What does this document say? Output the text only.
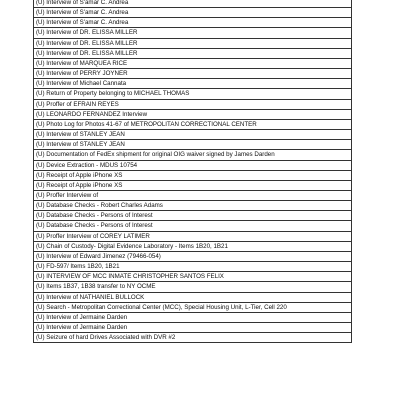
(U) Interview of S'amar C. Andrea
(U) Interview of S'amar C. Andrea
(U) Interview of S'amar C. Andrea
(U) Interview of DR. ELISSA MILLER
(U) Interview of DR. ELISSA MILLER
(U) Interview of DR. ELISSA MILLER
(U) Interview of MARQUEA RICE
(U) Interview of PERRY JOYNER
(U) Interview of Michael Cannata
(U) Return of Property belonging to MICHAEL THOMAS
(U) Proffer of EFRAIN REYES
(U) LEONARDO FERNANDEZ Interview
(U) Photo Log for Photos 41-67 of METROPOLITAN CORRECTIONAL CENTER
(U) Interview of STANLEY JEAN
(U) Interview of STANLEY JEAN
(U) Documentation of FedEx shipment for original OIG waiver signed by James Darden
(U) Device Extraction - MDUS 10754
(U) Receipt of Apple iPhone XS
(U) Receipt of Apple iPhone XS
(U) Proffer Interview of
(U) Database Checks - Robert Charles Adams
(U) Database Checks - Persons of Interest
(U) Database Checks - Persons of Interest
(U) Proffer Interview of COREY LATIMER
(U) Chain of Custody- Digital Evidence Laboratory - Items 1B20, 1B21
(U) Interview of Edward Jimenez (79466-054)
(U) FD-597/ Items 1B20, 1B21
(U) INTERVIEW OF MCC INMATE CHRISTOPHER SANTOS FELIX
(U) Items 1B37, 1B38 transfer to NY OCME
(U) Interview of NATHANIEL BULLOCK
(U) Search - Metropolitan Correctional Center (MCC), Special Housing Unit, L-Tier, Cell 220
(U) Interview of Jermaine Darden
(U) Interview of Jermaine Darden
(U) Seizure of hard Drives Associated with DVR #2
